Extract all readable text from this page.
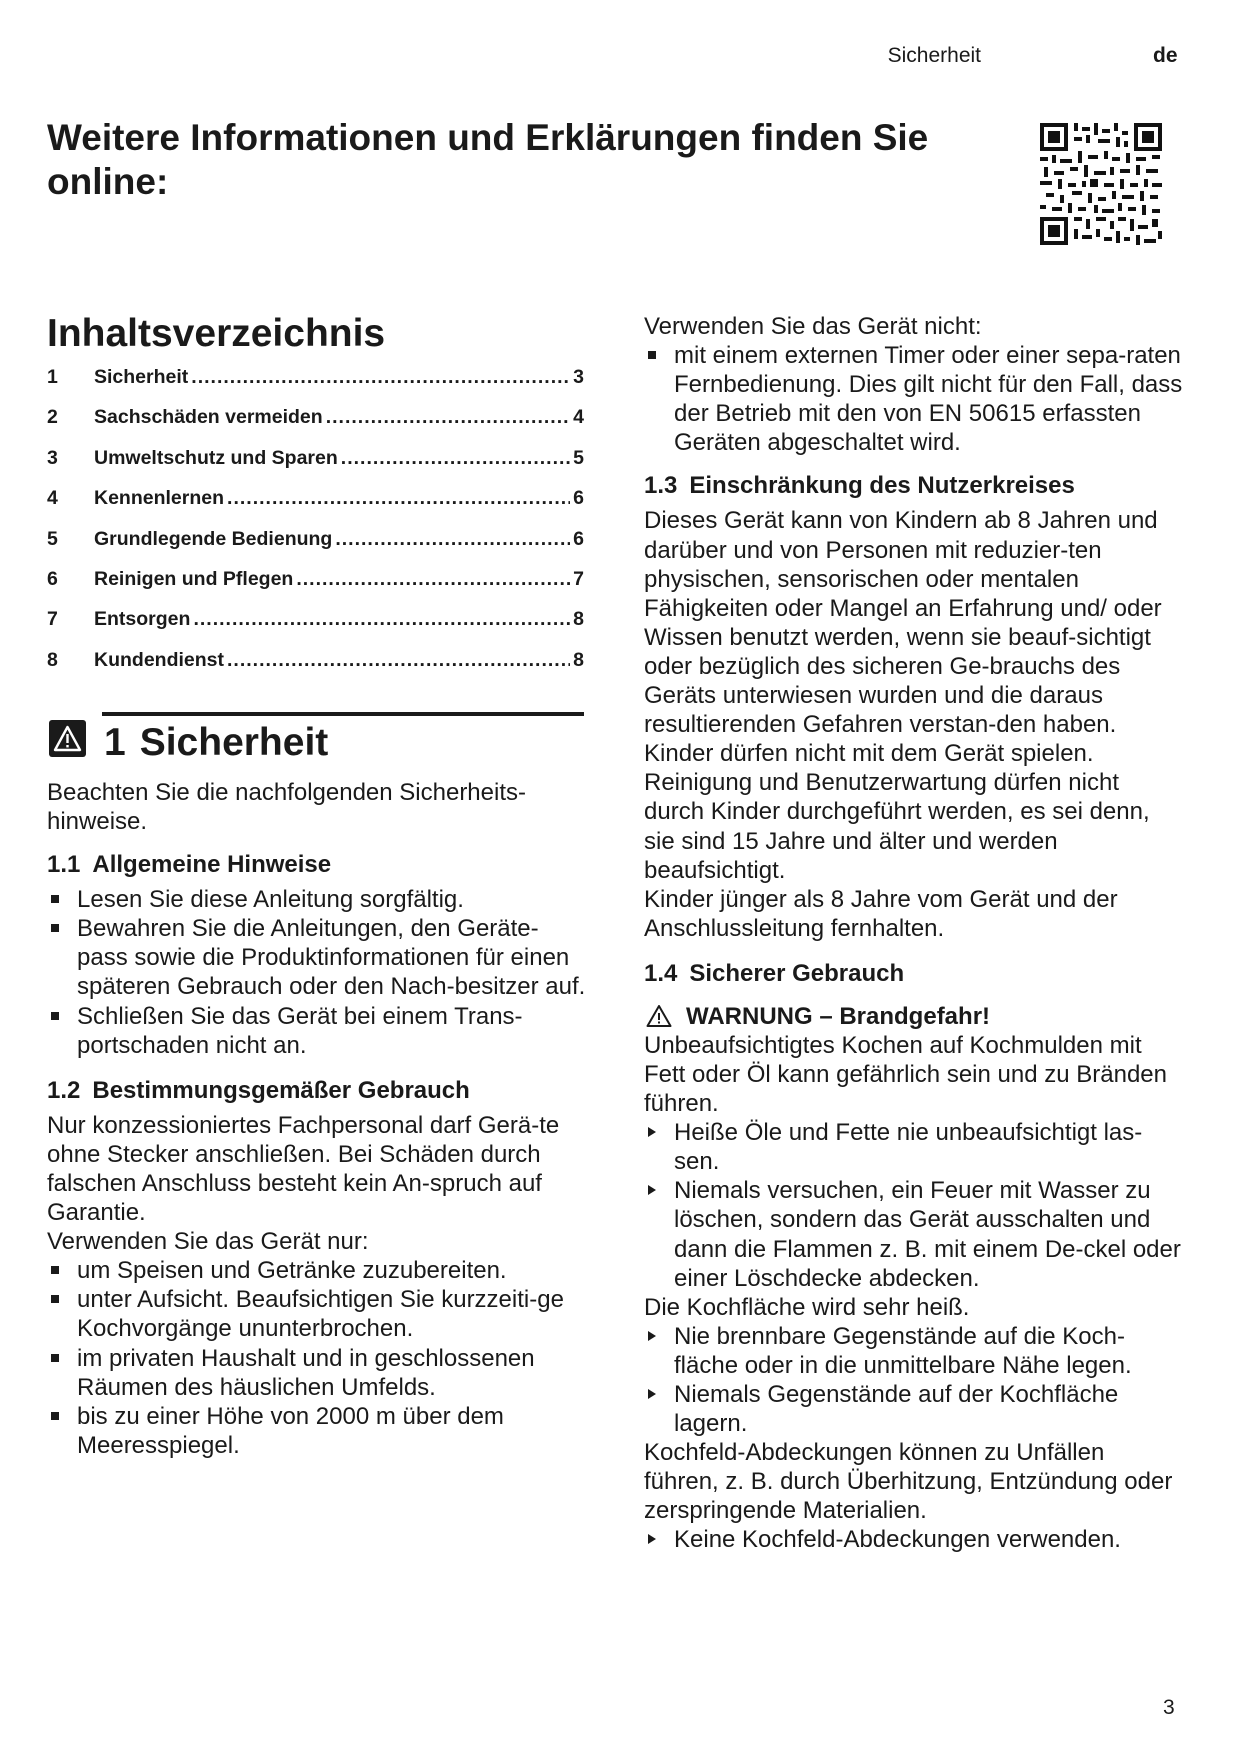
Sicherheit	de
Weitere Informationen und Erklärungen finden Sie online:
Inhaltsverzeichnis
1	Sicherheit .....	3
2	Sachschäden vermeiden .....	4
3	Umweltschutz und Sparen .....	5
4	Kennenlernen .....	6
5	Grundlegende Bedienung .....	6
6	Reinigen und Pflegen .....	7
7	Entsorgen .....	8
8	Kundendienst .....	8
1 Sicherheit

Beachten Sie die nachfolgenden Sicherheits-hinweise.

1.1 Allgemeine Hinweise
Lesen Sie diese Anleitung sorgfältig.
Bewahren Sie die Anleitungen, den Geräte-pass sowie die Produktinformationen für einen späteren Gebrauch oder den Nach-besitzer auf.
Schließen Sie das Gerät bei einem Trans-portschaden nicht an.
1.2 Bestimmungsgemäßer Gebrauch

Nur konzessioniertes Fachpersonal darf Gerä-te ohne Stecker anschließen. Bei Schäden durch falschen Anschluss besteht kein An-spruch auf Garantie.

Verwenden Sie das Gerät nur:

um Speisen und Getränke zuzubereiten.
unter Aufsicht. Beaufsichtigen Sie kurzzeiti-ge Kochvorgänge ununterbrochen.
im privaten Haushalt und in geschlossenen Räumen des häuslichen Umfelds.
bis zu einer Höhe von 2000 m über dem Meeresspiegel.

Verwenden Sie das Gerät nicht:

mit einem externen Timer oder einer sepa-raten Fernbedienung. Dies gilt nicht für den Fall, dass der Betrieb mit den von EN 50615 erfassten Geräten abgeschaltet wird.
1.3 Einschränkung des Nutzerkreises

Dieses Gerät kann von Kindern ab 8 Jahren und darüber und von Personen mit reduzier-ten physischen, sensorischen oder mentalen Fähigkeiten oder Mangel an Erfahrung und/ oder Wissen benutzt werden, wenn sie beauf-sichtigt oder bezüglich des sicheren Ge-brauchs des Geräts unterwiesen wurden und die daraus resultierenden Gefahren verstan-den haben.

Kinder dürfen nicht mit dem Gerät spielen.

Reinigung und Benutzerwartung dürfen nicht durch Kinder durchgeführt werden, es sei denn, sie sind 15 Jahre und älter und werden beaufsichtigt.

Kinder jünger als 8 Jahre vom Gerät und der Anschlussleitung fernhalten.

1.4 Sicherer Gebrauch
WARNUNG – Brandgefahr!

Unbeaufsichtigtes Kochen auf Kochmulden mit Fett oder Öl kann gefährlich sein und zu Bränden führen.

Heiße Öle und Fette nie unbeaufsichtigt las-sen.
Niemals versuchen, ein Feuer mit Wasser zu löschen, sondern das Gerät ausschalten und dann die Flammen z. B. mit einem De-ckel oder einer Löschdecke abdecken.

Die Kochfläche wird sehr heiß.

Nie brennbare Gegenstände auf die Koch-fläche oder in die unmittelbare Nähe legen.
Niemals Gegenstände auf der Kochfläche lagern.

Kochfeld-Abdeckungen können zu Unfällen führen, z. B. durch Überhitzung, Entzündung oder zerspringende Materialien.

Keine Kochfeld-Abdeckungen verwenden.
3
